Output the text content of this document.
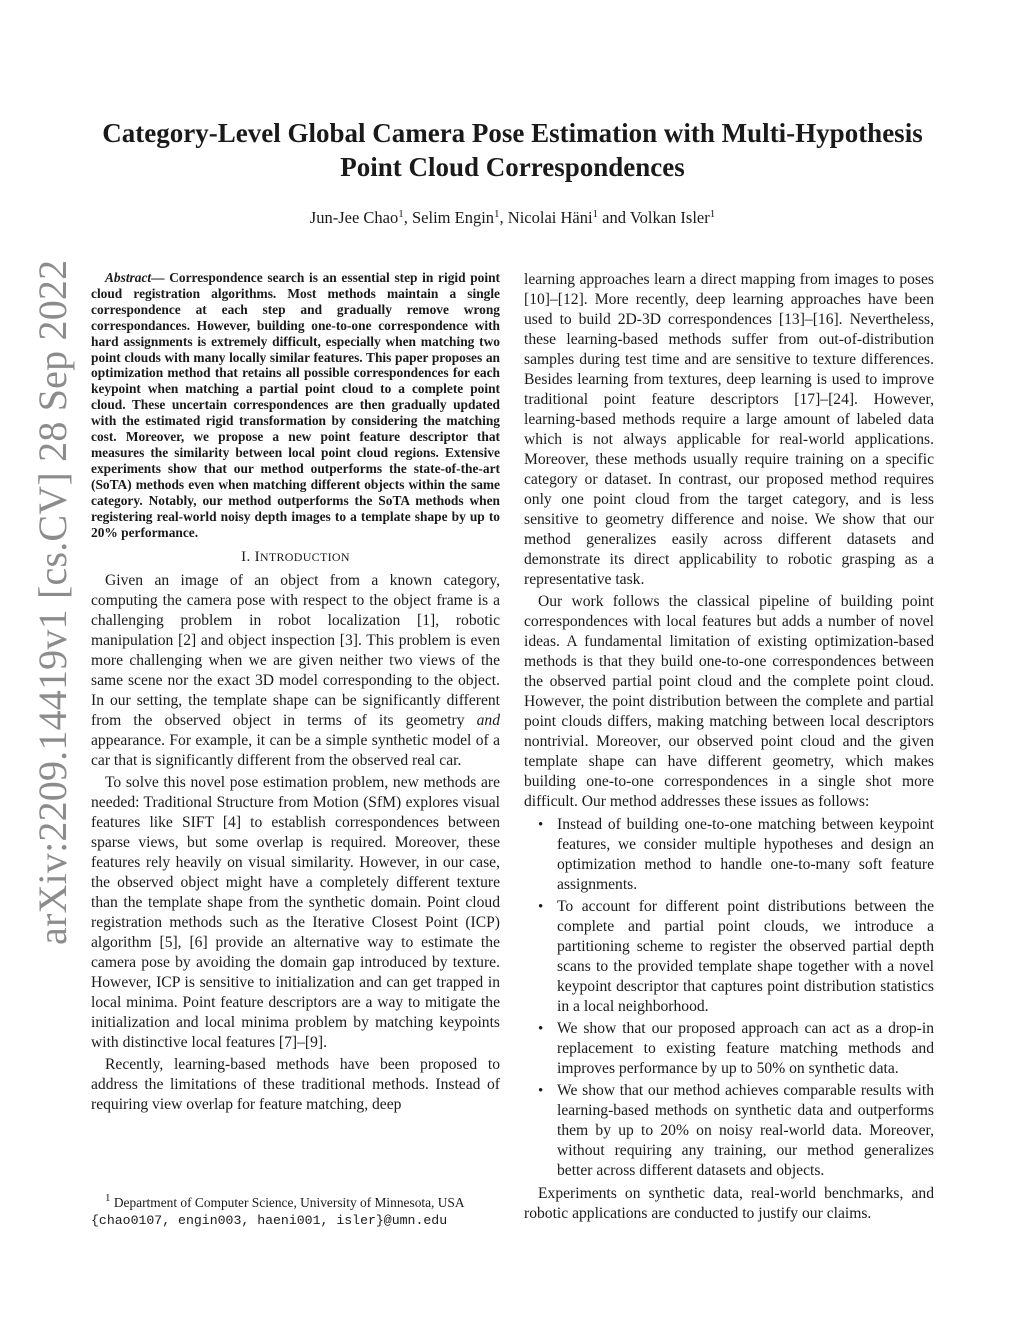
arXiv:2209.14419v1 [cs.CV] 28 Sep 2022
Category-Level Global Camera Pose Estimation with Multi-Hypothesis
Point Cloud Correspondences
Jun-Jee Chao$^1$, Selim Engin$^1$, Nicolai Häni$^1$ and Volkan Isler$^1$

Abstract— Correspondence search is an essential step in rigid point cloud registration algorithms. Most methods maintain a single correspondence at each step and gradually remove wrong correspondances. However, building one-to-one correspondence with hard assignments is extremely difficult, especially when matching two point clouds with many locally similar features. This paper proposes an optimization method that retains all possible correspondences for each keypoint when matching a partial point cloud to a complete point cloud. These uncertain correspondences are then gradually updated with the estimated rigid transformation by considering the matching cost. Moreover, we propose a new point feature descriptor that measures the similarity between local point cloud regions. Extensive experiments show that our method outperforms the state-of-the-art (SoTA) methods even when matching different objects within the same category. Notably, our method outperforms the SoTA methods when registering real-world noisy depth images to a template shape by up to 20% performance.

I. INTRODUCTION

Given an image of an object from a known category, computing the camera pose with respect to the object frame is a challenging problem in robot localization [1], robotic manipulation [2] and object inspection [3]. This problem is even more challenging when we are given neither two views of the same scene nor the exact 3D model corresponding to the object. In our setting, the template shape can be significantly different from the observed object in terms of its geometry and appearance. For example, it can be a simple synthetic model of a car that is significantly different from the observed real car.

To solve this novel pose estimation problem, new methods are needed: Traditional Structure from Motion (SfM) explores visual features like SIFT [4] to establish correspondences between sparse views, but some overlap is required. Moreover, these features rely heavily on visual similarity. However, in our case, the observed object might have a completely different texture than the template shape from the synthetic domain. Point cloud registration methods such as the Iterative Closest Point (ICP) algorithm [5], [6] provide an alternative way to estimate the camera pose by avoiding the domain gap introduced by texture. However, ICP is sensitive to initialization and can get trapped in local minima. Point feature descriptors are a way to mitigate the initialization and local minima problem by matching keypoints with distinctive local features [7]–[9].

Recently, learning-based methods have been proposed to address the limitations of these traditional methods. Instead of requiring view overlap for feature matching, deep

$^1$ Department of Computer Science, University of Minnesota, USA
{chao0107, engin003, haeni001, isler}@umn.edu

learning approaches learn a direct mapping from images to poses [10]–[12]. More recently, deep learning approaches have been used to build 2D-3D correspondences [13]–[16]. Nevertheless, these learning-based methods suffer from out-of-distribution samples during test time and are sensitive to texture differences. Besides learning from textures, deep learning is used to improve traditional point feature descriptors [17]–[24]. However, learning-based methods require a large amount of labeled data which is not always applicable for real-world applications. Moreover, these methods usually require training on a specific category or dataset. In contrast, our proposed method requires only one point cloud from the target category, and is less sensitive to geometry difference and noise. We show that our method generalizes easily across different datasets and demonstrate its direct applicability to robotic grasping as a representative task.

Our work follows the classical pipeline of building point correspondences with local features but adds a number of novel ideas. A fundamental limitation of existing optimization-based methods is that they build one-to-one correspondences between the observed partial point cloud and the complete point cloud. However, the point distribution between the complete and partial point clouds differs, making matching between local descriptors nontrivial. Moreover, our observed point cloud and the given template shape can have different geometry, which makes building one-to-one correspondences in a single shot more difficult. Our method addresses these issues as follows:

• Instead of building one-to-one matching between keypoint features, we consider multiple hypotheses and design an optimization method to handle one-to-many soft feature assignments.
• To account for different point distributions between the complete and partial point clouds, we introduce a partitioning scheme to register the observed partial depth scans to the provided template shape together with a novel keypoint descriptor that captures point distribution statistics in a local neighborhood.
• We show that our proposed approach can act as a drop-in replacement to existing feature matching methods and improves performance by up to 50% on synthetic data.
• We show that our method achieves comparable results with learning-based methods on synthetic data and outperforms them by up to 20% on noisy real-world data. Moreover, without requiring any training, our method generalizes better across different datasets and objects.

Experiments on synthetic data, real-world benchmarks, and robotic applications are conducted to justify our claims.
